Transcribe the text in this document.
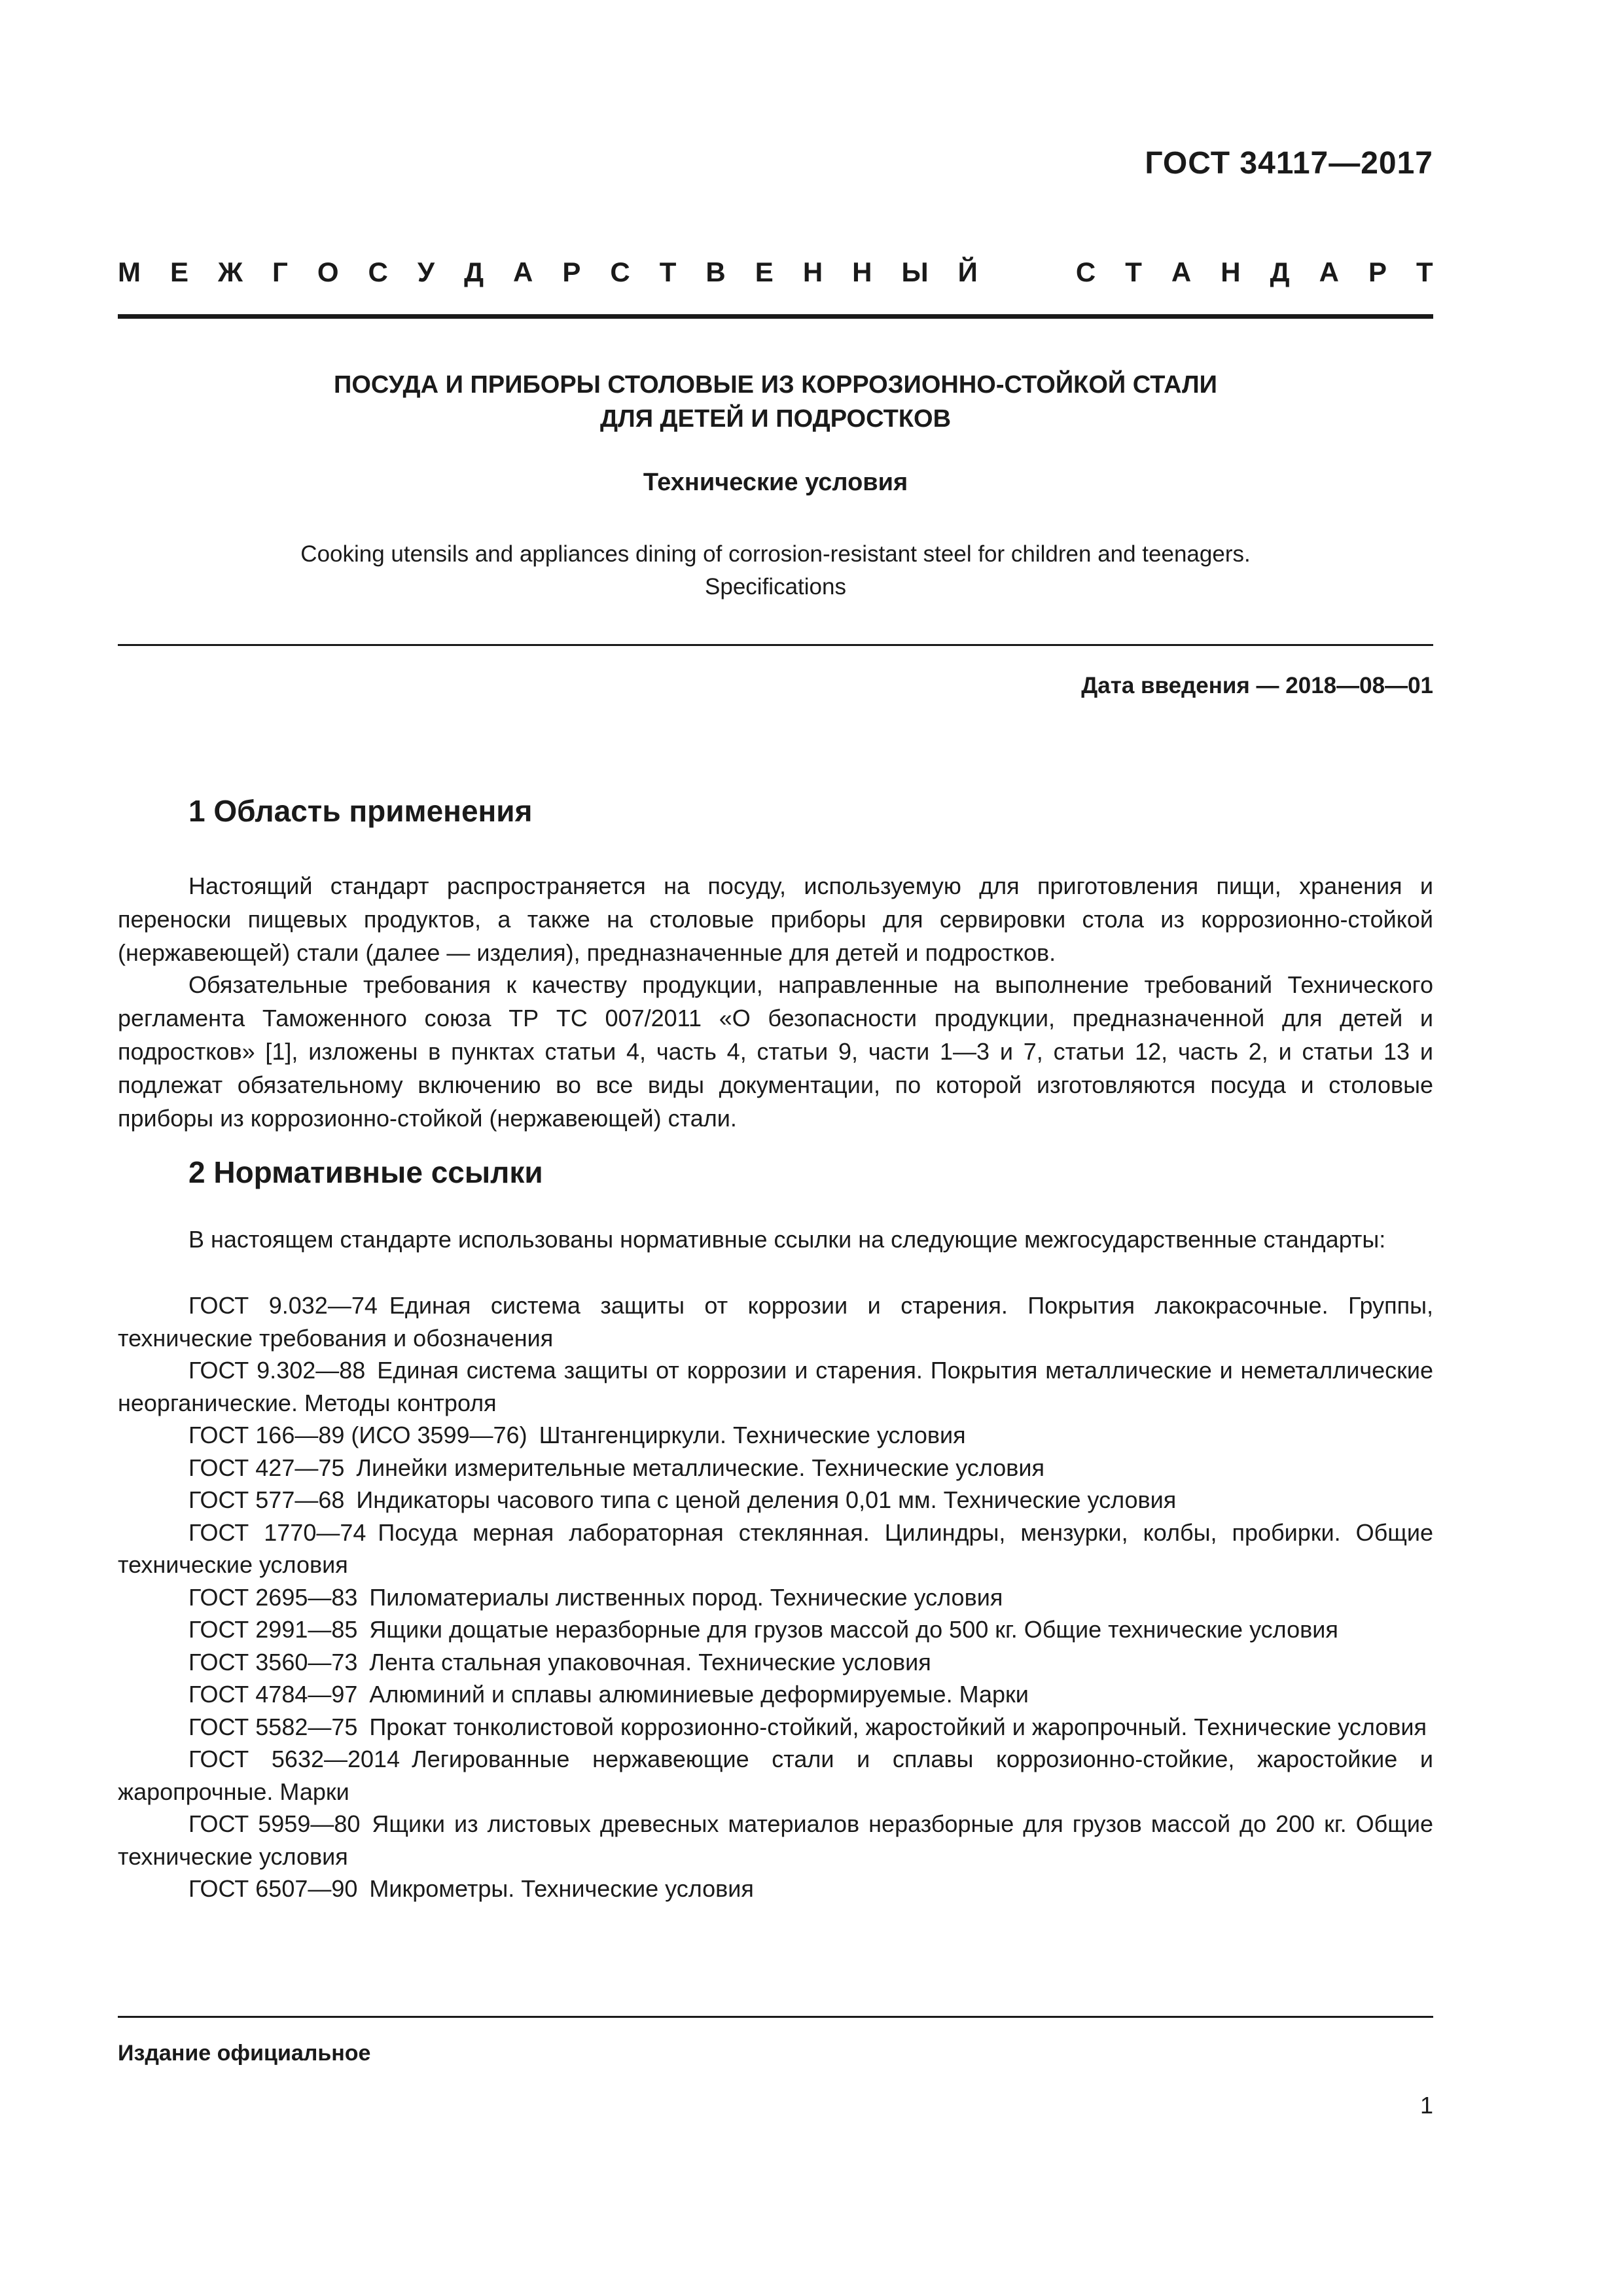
ГОСТ 34117—2017
М Е Ж Г О С У Д А Р С Т В Е Н Н Ы Й	С Т А Н Д А Р Т
ПОСУДА И ПРИБОРЫ СТОЛОВЫЕ ИЗ КОРРОЗИОННО-СТОЙКОЙ СТАЛИ
ДЛЯ ДЕТЕЙ И ПОДРОСТКОВ
Технические условия
Cooking utensils and appliances dining of corrosion-resistant steel for children and teenagers.
Specifications
Дата введения — 2018—08—01
1 Область применения

Настоящий стандарт распространяется на посуду, используемую для приготовления пищи, хранения и переноски пищевых продуктов, а также на столовые приборы для сервировки стола из коррозионно-стойкой (нержавеющей) стали (далее — изделия), предназначенные для детей и подростков.

Обязательные требования к качеству продукции, направленные на выполнение требований Технического регламента Таможенного союза ТР ТС 007/2011 «О безопасности продукции, предназначенной для детей и подростков» [1], изложены в пунктах статьи 4, часть 4, статьи 9, части 1—3 и 7, статьи 12, часть 2, и статьи 13 и подлежат обязательному включению во все виды документации, по которой изготовляются посуда и столовые приборы из коррозионно-стойкой (нержавеющей) стали.

2 Нормативные ссылки

В настоящем стандарте использованы нормативные ссылки на следующие межгосударственные стандарты:

ГОСТ 9.032—74 Единая система защиты от коррозии и старения. Покрытия лакокрасочные. Группы, технические требования и обозначения
ГОСТ 9.302—88 Единая система защиты от коррозии и старения. Покрытия металлические и неметаллические неорганические. Методы контроля
ГОСТ 166—89 (ИСО 3599—76) Штангенциркули. Технические условия
ГОСТ 427—75 Линейки измерительные металлические. Технические условия
ГОСТ 577—68 Индикаторы часового типа с ценой деления 0,01 мм. Технические условия
ГОСТ 1770—74 Посуда мерная лабораторная стеклянная. Цилиндры, мензурки, колбы, пробирки. Общие технические условия
ГОСТ 2695—83 Пиломатериалы лиственных пород. Технические условия
ГОСТ 2991—85 Ящики дощатые неразборные для грузов массой до 500 кг. Общие технические условия
ГОСТ 3560—73 Лента стальная упаковочная. Технические условия
ГОСТ 4784—97 Алюминий и сплавы алюминиевые деформируемые. Марки
ГОСТ 5582—75 Прокат тонколистовой коррозионно-стойкий, жаростойкий и жаропрочный. Технические условия
ГОСТ 5632—2014 Легированные нержавеющие стали и сплавы коррозионно-стойкие, жаростойкие и жаропрочные. Марки
ГОСТ 5959—80 Ящики из листовых древесных материалов неразборные для грузов массой до 200 кг. Общие технические условия
ГОСТ 6507—90 Микрометры. Технические условия
Издание официальное
1
